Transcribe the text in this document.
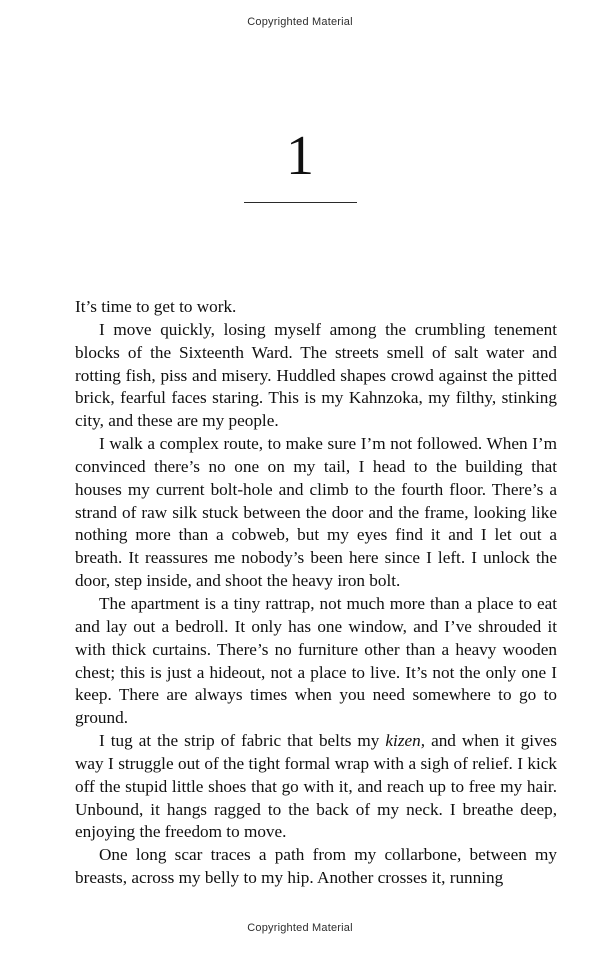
Copyrighted Material
1

It’s time to get to work.

I move quickly, losing myself among the crumbling tenement blocks of the Sixteenth Ward. The streets smell of salt water and rotting fish, piss and misery. Huddled shapes crowd against the pitted brick, fearful faces staring. This is my Kahnzoka, my filthy, stinking city, and these are my people.

I walk a complex route, to make sure I’m not followed. When I’m convinced there’s no one on my tail, I head to the building that houses my current bolt-hole and climb to the fourth floor. There’s a strand of raw silk stuck between the door and the frame, looking like nothing more than a cobweb, but my eyes find it and I let out a breath. It reassures me nobody’s been here since I left. I unlock the door, step inside, and shoot the heavy iron bolt.

The apartment is a tiny rattrap, not much more than a place to eat and lay out a bedroll. It only has one window, and I’ve shrouded it with thick curtains. There’s no furniture other than a heavy wooden chest; this is just a hideout, not a place to live. It’s not the only one I keep. There are always times when you need somewhere to go to ground.

I tug at the strip of fabric that belts my kizen, and when it gives way I struggle out of the tight formal wrap with a sigh of relief. I kick off the stupid little shoes that go with it, and reach up to free my hair. Unbound, it hangs ragged to the back of my neck. I breathe deep, enjoying the freedom to move.

One long scar traces a path from my collarbone, between my breasts, across my belly to my hip. Another crosses it, running

Copyrighted Material
